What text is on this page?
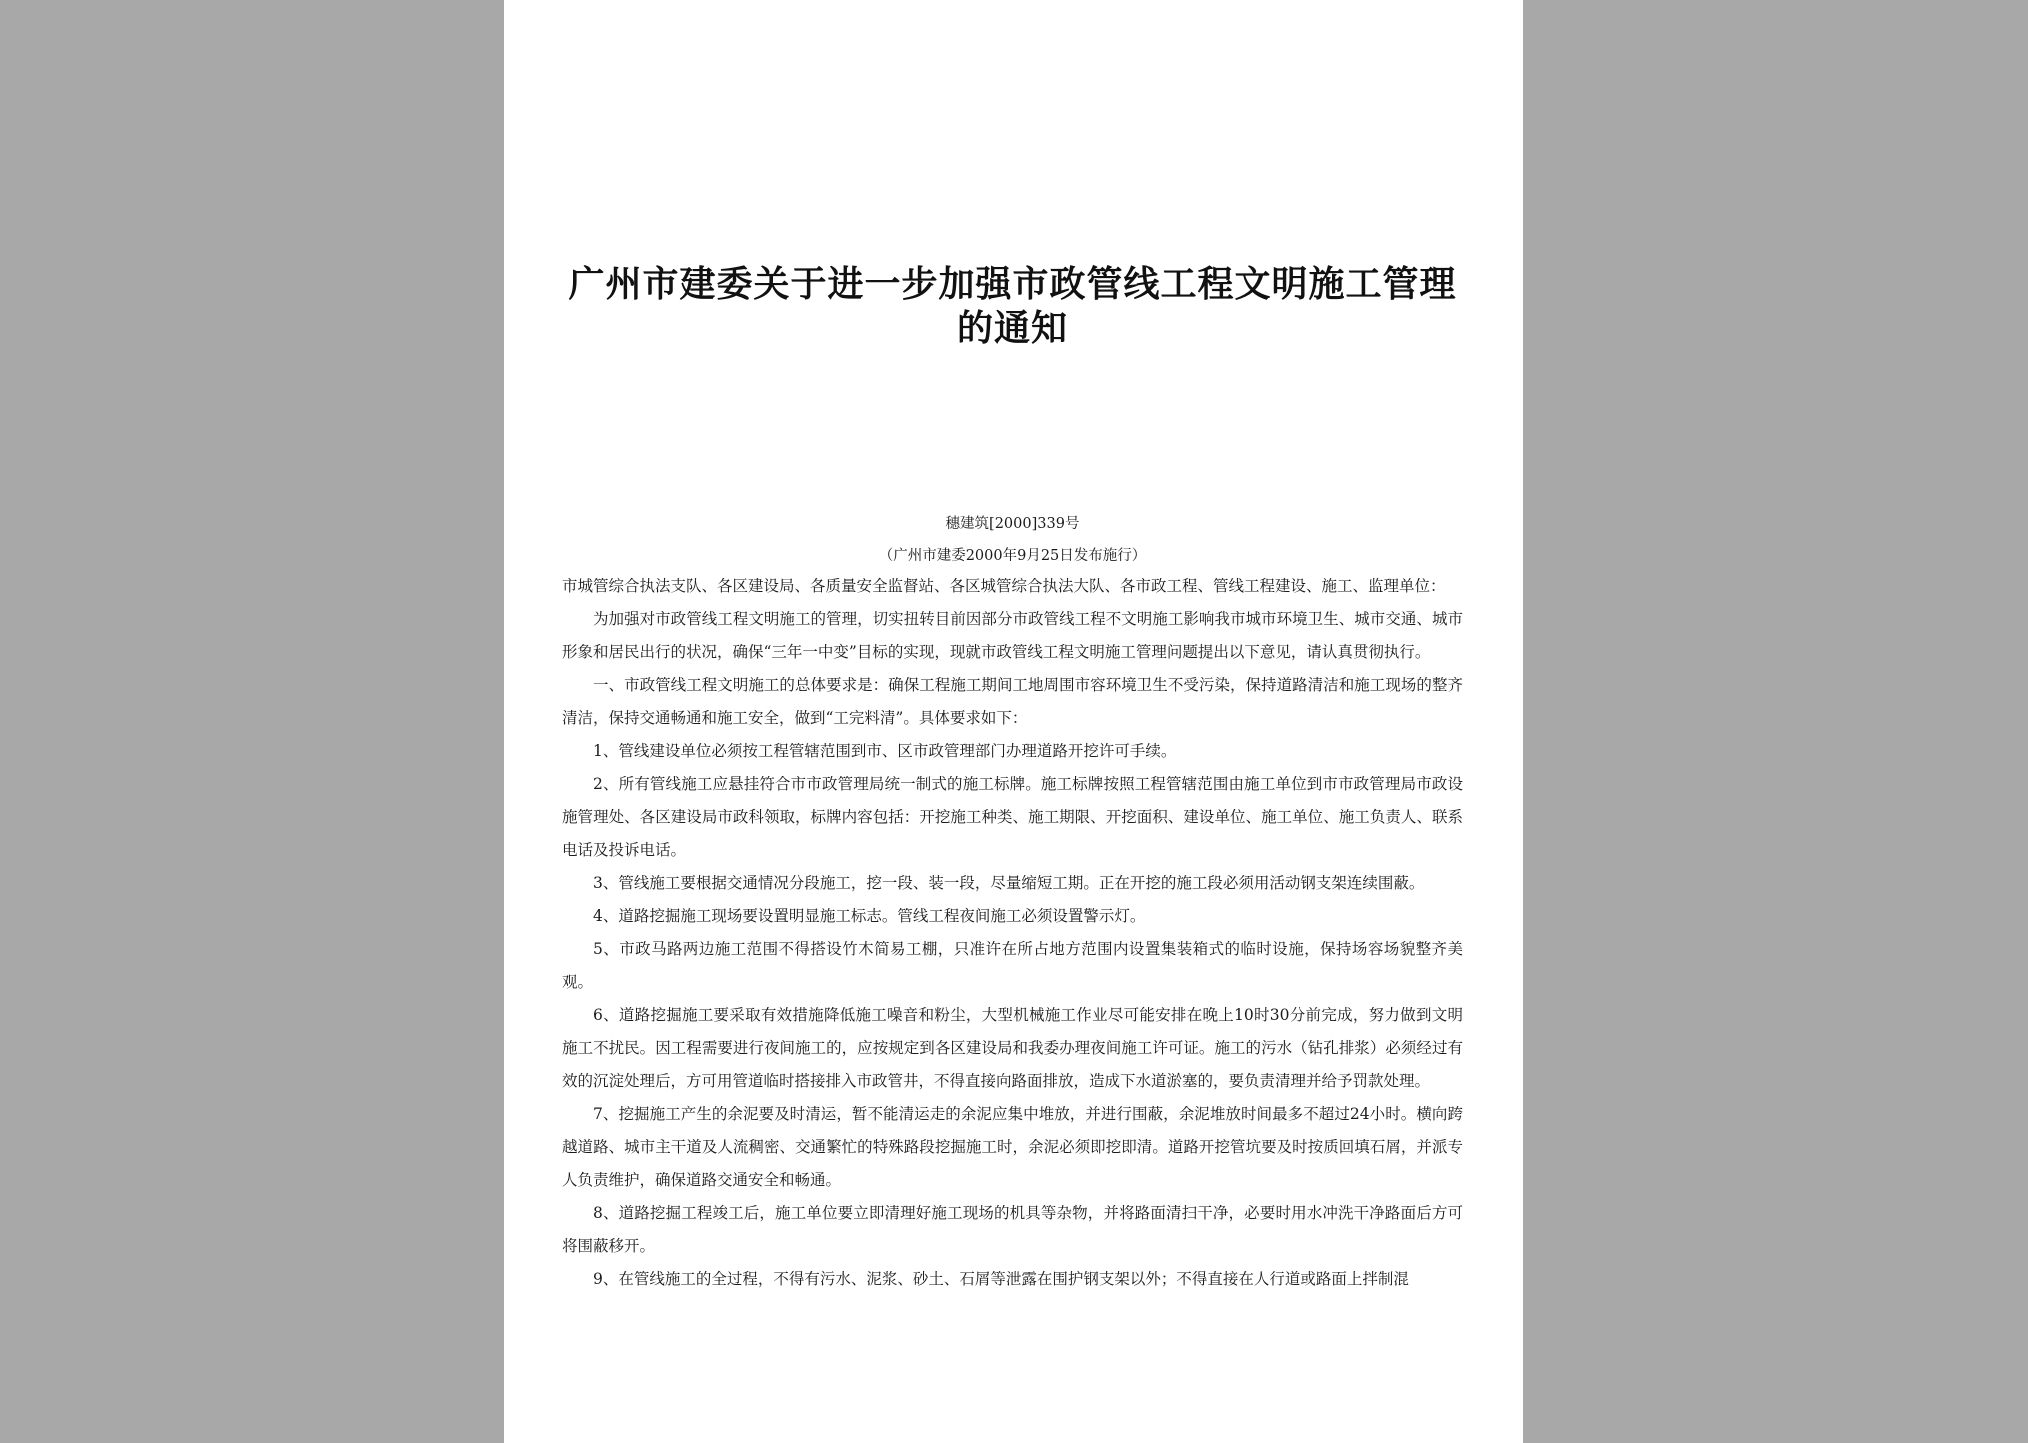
广州市建委关于进一步加强市政管线工程文明施工管理的通知
穗建筑[2000]339号
（广州市建委2000年9月25日发布施行）
市城管综合执法支队、各区建设局、各质量安全监督站、各区城管综合执法大队、各市政工程、管线工程建设、施工、监理单位：

为加强对市政管线工程文明施工的管理，切实扭转目前因部分市政管线工程不文明施工影响我市城市环境卫生、城市交通、城市形象和居民出行的状况，确保“三年一中变”目标的实现，现就市政管线工程文明施工管理问题提出以下意见，请认真贯彻执行。

一、市政管线工程文明施工的总体要求是：确保工程施工期间工地周围市容环境卫生不受污染，保持道路清洁和施工现场的整齐清洁，保持交通畅通和施工安全，做到“工完料清”。具体要求如下：

1、管线建设单位必须按工程管辖范围到市、区市政管理部门办理道路开挖许可手续。

2、所有管线施工应悬挂符合市市政管理局统一制式的施工标牌。施工标牌按照工程管辖范围由施工单位到市市政管理局市政设施管理处、各区建设局市政科领取，标牌内容包括：开挖施工种类、施工期限、开挖面积、建设单位、施工单位、施工负责人、联系电话及投诉电话。

3、管线施工要根据交通情况分段施工，挖一段、装一段，尽量缩短工期。正在开挖的施工段必须用活动钢支架连续围蔽。

4、道路挖掘施工现场要设置明显施工标志。管线工程夜间施工必须设置警示灯。

5、市政马路两边施工范围不得搭设竹木简易工棚，只准许在所占地方范围内设置集装箱式的临时设施，保持场容场貌整齐美观。

6、道路挖掘施工要采取有效措施降低施工噪音和粉尘，大型机械施工作业尽可能安排在晚上10时30分前完成，努力做到文明施工不扰民。因工程需要进行夜间施工的，应按规定到各区建设局和我委办理夜间施工许可证。施工的污水（钻孔排浆）必须经过有效的沉淀处理后，方可用管道临时搭接排入市政管井，不得直接向路面排放，造成下水道淤塞的，要负责清理并给予罚款处理。

7、挖掘施工产生的余泥要及时清运，暂不能清运走的余泥应集中堆放，并进行围蔽，余泥堆放时间最多不超过24小时。横向跨越道路、城市主干道及人流稠密、交通繁忙的特殊路段挖掘施工时，余泥必须即挖即清。道路开挖管坑要及时按质回填石屑，并派专人负责维护，确保道路交通安全和畅通。

8、道路挖掘工程竣工后，施工单位要立即清理好施工现场的机具等杂物，并将路面清扫干净，必要时用水冲洗干净路面后方可将围蔽移开。

9、在管线施工的全过程，不得有污水、泥浆、砂土、石屑等泄露在围护钢支架以外；不得直接在人行道或路面上拌制混
